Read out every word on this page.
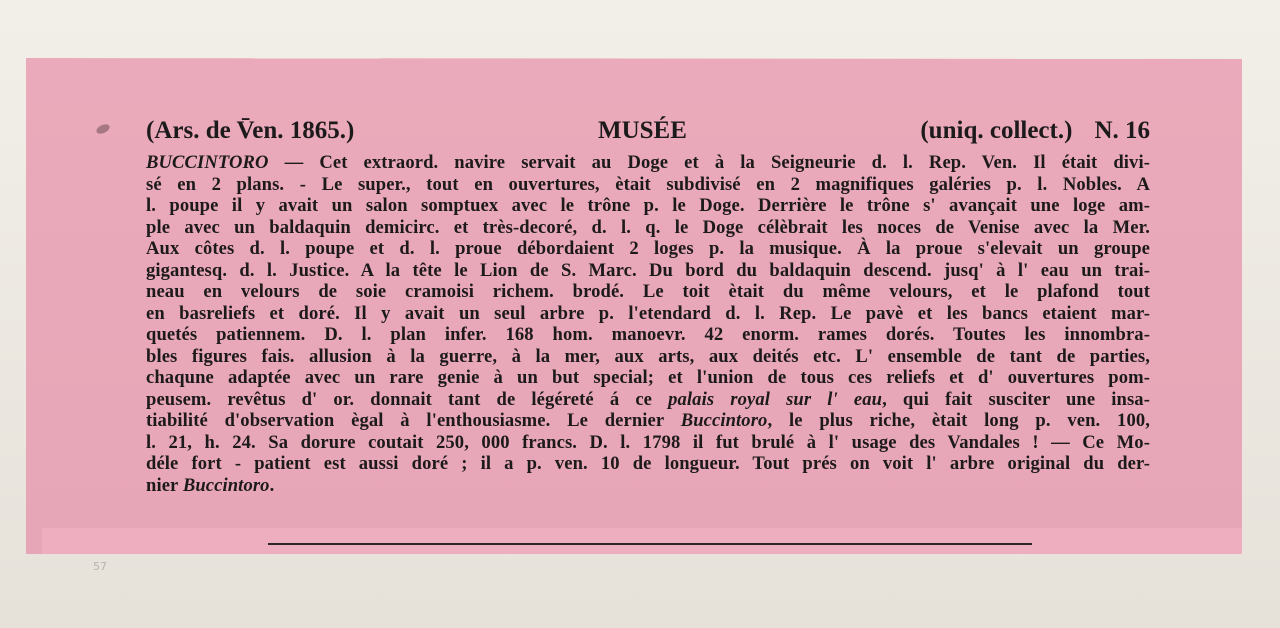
(Ars. de V̄en. 1865.)	MUSÉE	(uniq. collect.) N. 16
BUCCINTORO — Cet extraord. navire servait au Doge et à la Seigneurie d. l. Rep. Ven. Il était divi-
sé en 2 plans. - Le super., tout en ouvertures, ètait subdivisé en 2 magnifiques galéries p. l. Nobles. A
l. poupe il y avait un salon somptuex avec le trône p. le Doge. Derrière le trône s' avançait une loge am-
ple avec un baldaquin demicirc. et très-decoré, d. l. q. le Doge célèbrait les noces de Venise avec la Mer.
Aux côtes d. l. poupe et d. l. proue débordaient 2 loges p. la musique. À la proue s'elevait un groupe
gigantesq. d. l. Justice. A la tête le Lion de S. Marc. Du bord du baldaquin descend. jusq' à l' eau un trai-
neau en velours de soie cramoisi richem. brodé. Le toit ètait du même velours, et le plafond tout
en basreliefs et doré. Il y avait un seul arbre p. l'etendard d. l. Rep. Le pavè et les bancs etaient mar-
quetés patiennem. D. l. plan infer. 168 hom. manoevr. 42 enorm. rames dorés. Toutes les innombra-
bles figures fais. allusion à la guerre, à la mer, aux arts, aux deités etc. L' ensemble de tant de parties,
chaqune adaptée avec un rare genie à un but special; et l'union de tous ces reliefs et d' ouvertures pom-
peusem. revêtus d' or. donnait tant de légéreté á ce palais royal sur l' eau, qui fait susciter une insa-
tiabilité d'observation ègal à l'enthousiasme. Le dernier Buccintoro, le plus riche, ètait long p. ven. 100,
l. 21, h. 24. Sa dorure coutait 250, 000 francs. D. l. 1798 il fut brulé à l' usage des Vandales ! — Ce Mo-
déle fort - patient est aussi doré ; il a p. ven. 10 de longueur. Tout prés on voit l' arbre original du der-
nier Buccintoro.
57
